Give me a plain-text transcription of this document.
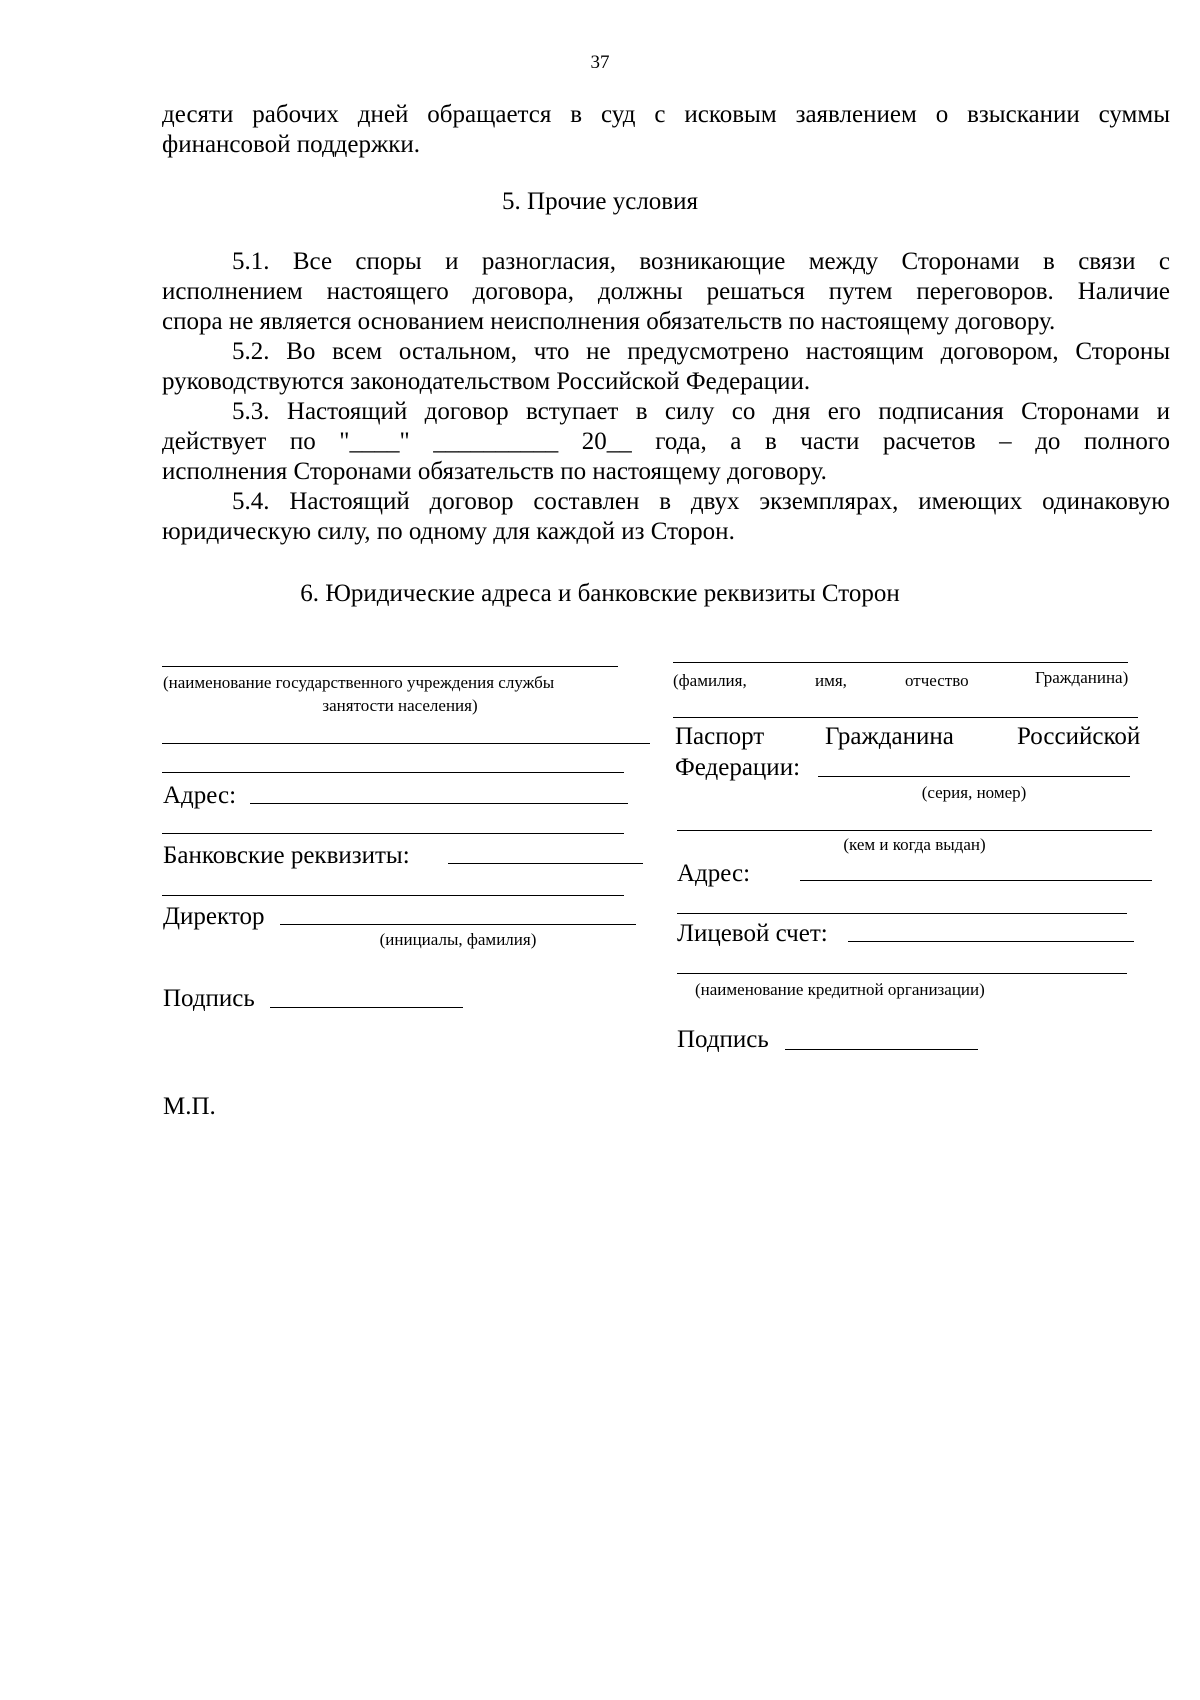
37
десяти рабочих дней обращается в суд с исковым заявлением о взыскании суммы
финансовой поддержки.
5. Прочие условия
5.1. Все споры и разногласия, возникающие между Сторонами в связи с
исполнением настоящего договора, должны решаться путем переговоров. Наличие
спора не является основанием неисполнения обязательств по настоящему договору.
5.2. Во всем остальном, что не предусмотрено настоящим договором, Стороны
руководствуются законодательством Российской Федерации.
5.3. Настоящий договор вступает в силу со дня его подписания Сторонами и
действует по "____" __________ 20__ года, а в части расчетов – до полного
исполнения Сторонами обязательств по настоящему договору.
5.4. Настоящий договор составлен в двух экземплярах, имеющих одинаковую
юридическую силу, по одному для каждой из Сторон.
6. Юридические адреса и банковские реквизиты Сторон
(наименование государственного учреждения службы
занятости населения)
Адрес:
Банковские реквизиты:
Директор
(инициалы, фамилия)
Подпись
М.П.
(фамилия,	имя,	отчество	Гражданина)
Паспорт Гражданина	Российской
Федерации:
(серия, номер)
(кем и когда выдан)
Адрес:
Лицевой счет:
(наименование кредитной организации)
Подпись
